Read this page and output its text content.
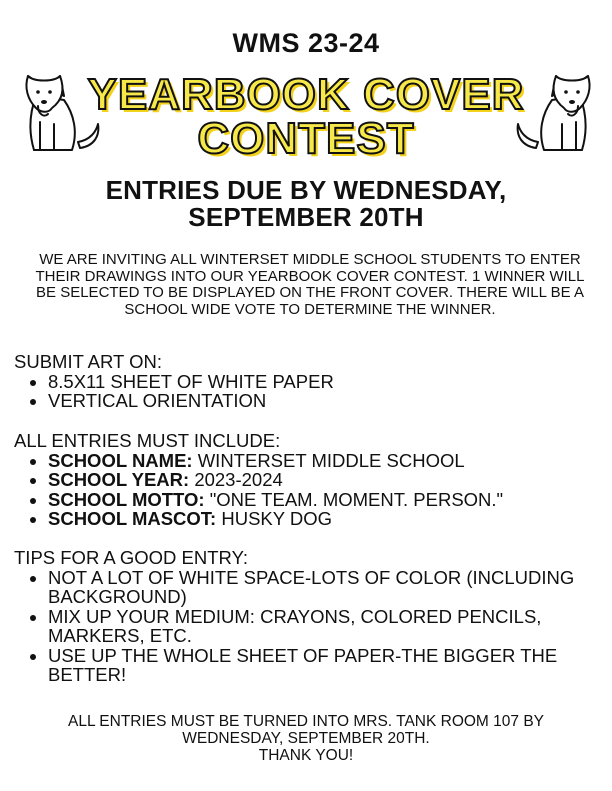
WMS 23-24
YEARBOOK COVER
CONTEST
ENTRIES DUE BY WEDNESDAY,
SEPTEMBER 20TH
WE ARE INVITING ALL WINTERSET MIDDLE SCHOOL STUDENTS TO ENTER THEIR DRAWINGS INTO OUR YEARBOOK COVER CONTEST. 1 WINNER WILL BE SELECTED TO BE DISPLAYED ON THE FRONT COVER. THERE WILL BE A SCHOOL WIDE VOTE TO DETERMINE THE WINNER.
SUBMIT ART ON:
• 8.5X11 SHEET OF WHITE PAPER
• VERTICAL ORIENTATION
ALL ENTRIES MUST INCLUDE:
• SCHOOL NAME: WINTERSET MIDDLE SCHOOL
• SCHOOL YEAR: 2023-2024
• SCHOOL MOTTO: "ONE TEAM. MOMENT. PERSON."
• SCHOOL MASCOT: HUSKY DOG
TIPS FOR A GOOD ENTRY:
• NOT A LOT OF WHITE SPACE-LOTS OF COLOR (INCLUDING BACKGROUND)
• MIX UP YOUR MEDIUM: CRAYONS, COLORED PENCILS, MARKERS, ETC.
• USE UP THE WHOLE SHEET OF PAPER-THE BIGGER THE BETTER!
ALL ENTRIES MUST BE TURNED INTO MRS. TANK ROOM 107 BY
WEDNESDAY, SEPTEMBER 20TH.
THANK YOU!
